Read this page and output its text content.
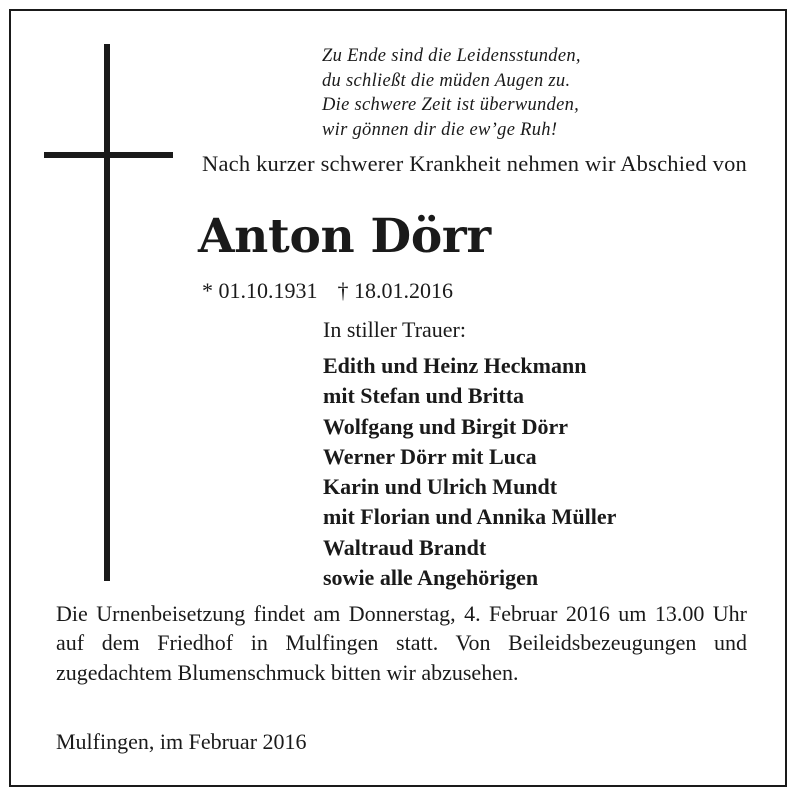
Zu Ende sind die Leidensstunden,
du schließt die müden Augen zu.
Die schwere Zeit ist überwunden,
wir gönnen dir die ew’ge Ruh!
Nach kurzer schwerer Krankheit nehmen wir Abschied von
Anton Dörr
* 01.10.1931 † 18.01.2016
In stiller Trauer:
Edith und Heinz Heckmann
mit Stefan und Britta
Wolfgang und Birgit Dörr
Werner Dörr mit Luca
Karin und Ulrich Mundt
mit Florian und Annika Müller
Waltraud Brandt
sowie alle Angehörigen
Die Urnenbeisetzung findet am Donnerstag, 4. Februar 2016 um 13.00 Uhr auf dem Friedhof in Mulfingen statt. Von Beileidsbezeugungen und zugedachtem Blumenschmuck bitten wir abzusehen.
Mulfingen, im Februar 2016
